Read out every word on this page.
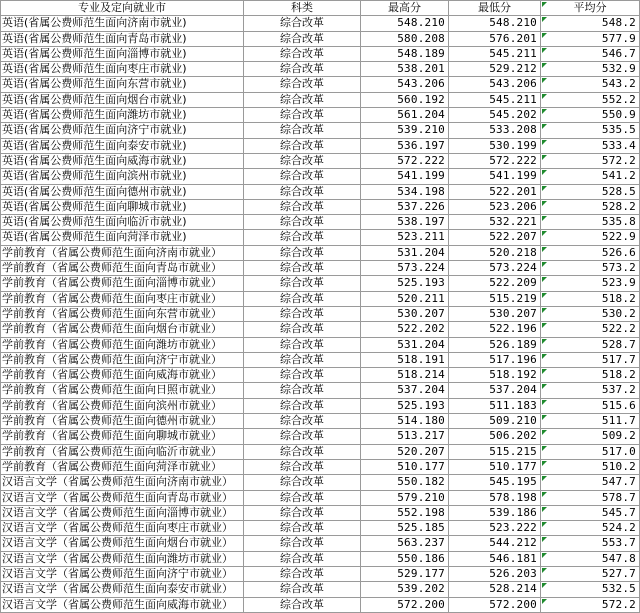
专业及定向就业市	科类	最高分	最低分	平均分
英语(省属公费师范生面向济南市就业)	综合改革	548.210	548.210	548.2
英语(省属公费师范生面向青岛市就业)	综合改革	580.208	576.201	577.9
英语(省属公费师范生面向淄博市就业)	综合改革	548.189	545.211	546.7
英语(省属公费师范生面向枣庄市就业)	综合改革	538.201	529.212	532.9
英语(省属公费师范生面向东营市就业)	综合改革	543.206	543.206	543.2
英语(省属公费师范生面向烟台市就业)	综合改革	560.192	545.211	552.2
英语(省属公费师范生面向潍坊市就业)	综合改革	561.204	545.202	550.9
英语(省属公费师范生面向济宁市就业)	综合改革	539.210	533.208	535.5
英语(省属公费师范生面向泰安市就业)	综合改革	536.197	530.199	533.4
英语(省属公费师范生面向威海市就业)	综合改革	572.222	572.222	572.2
英语(省属公费师范生面向滨州市就业)	综合改革	541.199	541.199	541.2
英语(省属公费师范生面向德州市就业)	综合改革	534.198	522.201	528.5
英语(省属公费师范生面向聊城市就业)	综合改革	537.226	523.206	528.2
英语(省属公费师范生面向临沂市就业)	综合改革	538.197	532.221	535.8
英语(省属公费师范生面向菏泽市就业)	综合改革	523.211	522.207	522.9
学前教育（省属公费师范生面向济南市就业）	综合改革	531.204	520.218	526.6
学前教育（省属公费师范生面向青岛市就业）	综合改革	573.224	573.224	573.2
学前教育（省属公费师范生面向淄博市就业）	综合改革	525.193	522.209	523.9
学前教育（省属公费师范生面向枣庄市就业）	综合改革	520.211	515.219	518.2
学前教育（省属公费师范生面向东营市就业）	综合改革	530.207	530.207	530.2
学前教育（省属公费师范生面向烟台市就业）	综合改革	522.202	522.196	522.2
学前教育（省属公费师范生面向潍坊市就业）	综合改革	531.204	526.189	528.7
学前教育（省属公费师范生面向济宁市就业）	综合改革	518.191	517.196	517.7
学前教育（省属公费师范生面向威海市就业）	综合改革	518.214	518.192	518.2
学前教育（省属公费师范生面向日照市就业）	综合改革	537.204	537.204	537.2
学前教育（省属公费师范生面向滨州市就业）	综合改革	525.193	511.183	515.6
学前教育（省属公费师范生面向德州市就业）	综合改革	514.180	509.210	511.7
学前教育（省属公费师范生面向聊城市就业）	综合改革	513.217	506.202	509.2
学前教育（省属公费师范生面向临沂市就业）	综合改革	520.207	515.215	517.0
学前教育（省属公费师范生面向菏泽市就业）	综合改革	510.177	510.177	510.2
汉语言文学（省属公费师范生面向济南市就业）	综合改革	550.182	545.195	547.7
汉语言文学（省属公费师范生面向青岛市就业）	综合改革	579.210	578.198	578.7
汉语言文学（省属公费师范生面向淄博市就业）	综合改革	552.198	539.186	545.7
汉语言文学（省属公费师范生面向枣庄市就业）	综合改革	525.185	523.222	524.2
汉语言文学（省属公费师范生面向烟台市就业）	综合改革	563.237	544.212	553.7
汉语言文学（省属公费师范生面向潍坊市就业）	综合改革	550.186	546.181	547.8
汉语言文学（省属公费师范生面向济宁市就业）	综合改革	529.177	526.203	527.7
汉语言文学（省属公费师范生面向泰安市就业）	综合改革	539.202	528.214	532.5
汉语言文学（省属公费师范生面向威海市就业）	综合改革	572.200	572.200	572.2
